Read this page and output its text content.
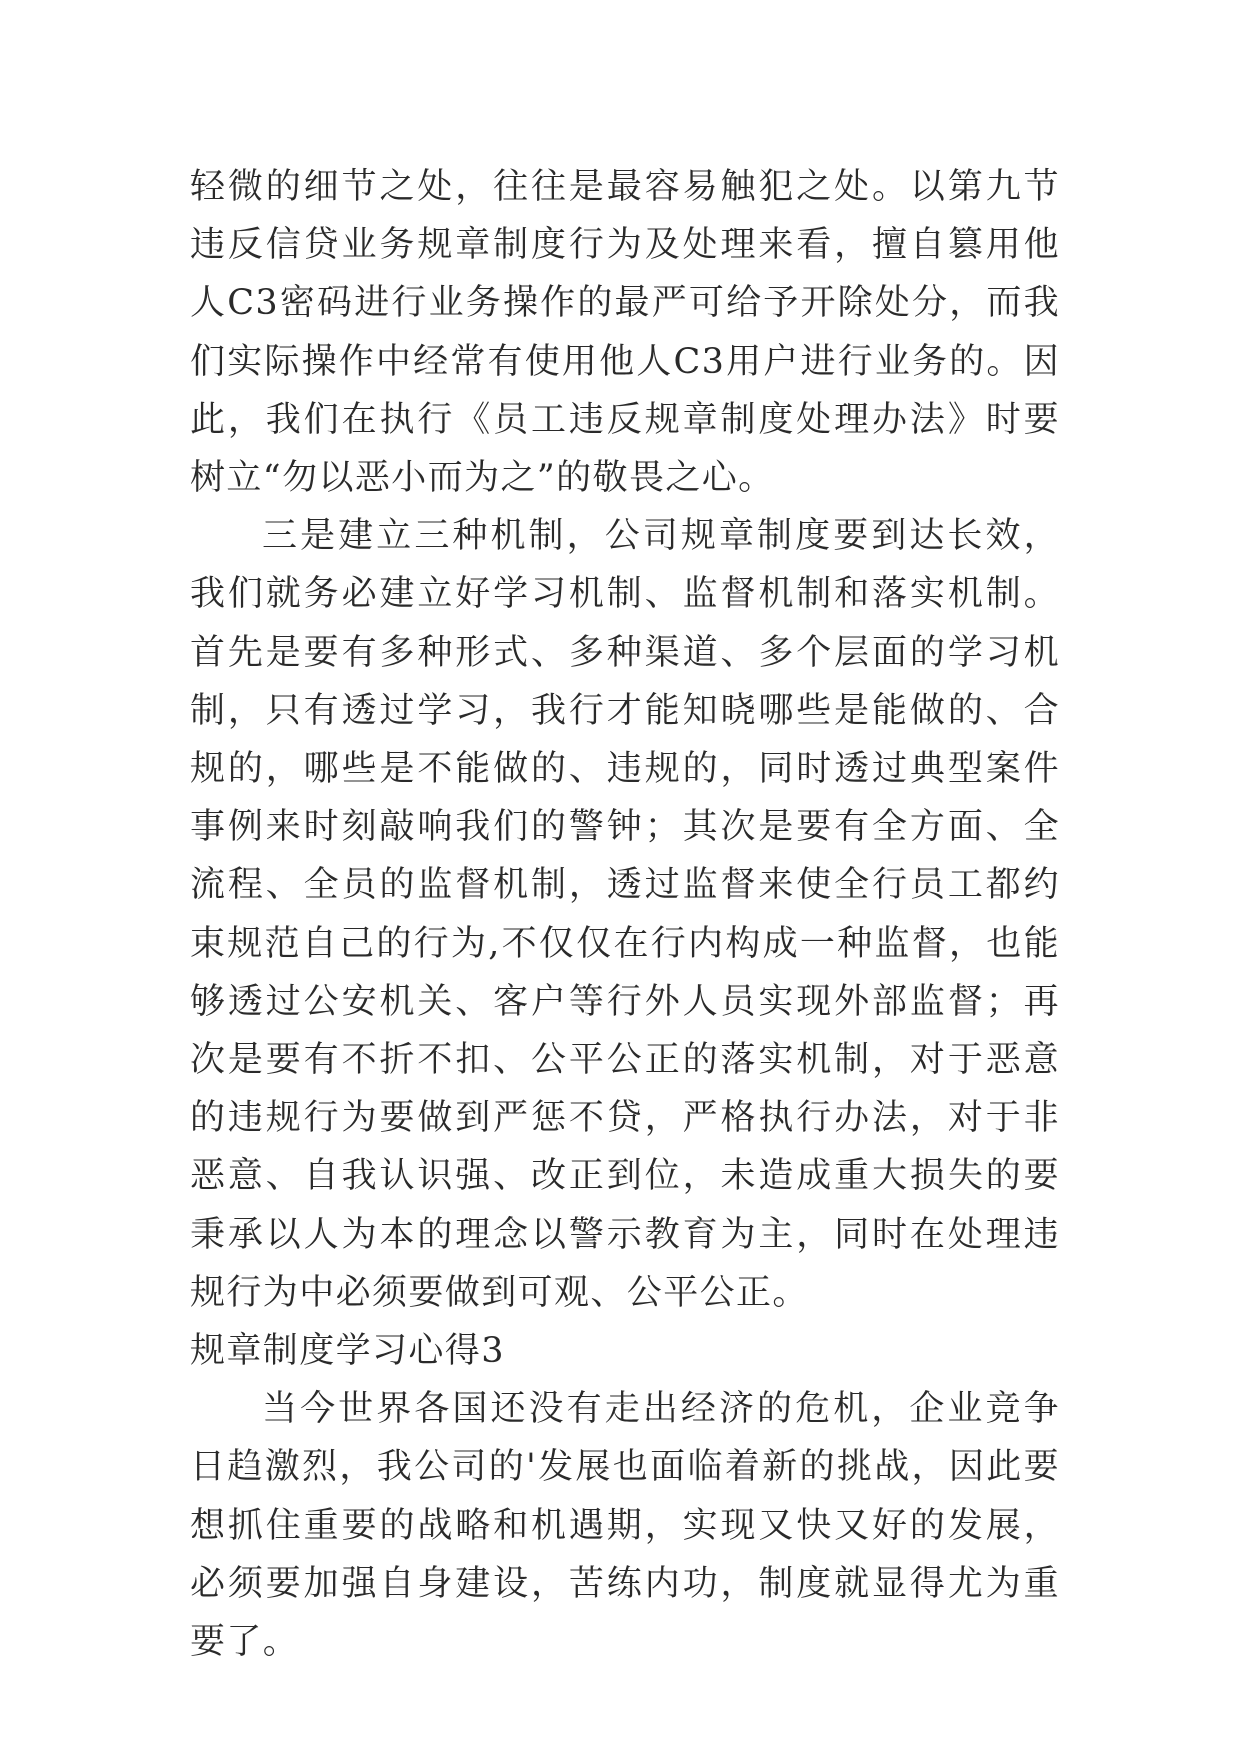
轻微的细节之处，往往是最容易触犯之处。以第九节违反信贷业务规章制度行为及处理来看，擅自篡用他人C3密码进行业务操作的最严可给予开除处分，而我们实际操作中经常有使用他人C3用户进行业务的。因此，我们在执行《员工违反规章制度处理办法》时要树立“勿以恶小而为之”的敬畏之心。

三是建立三种机制，公司规章制度要到达长效，我们就务必建立好学习机制、监督机制和落实机制。首先是要有多种形式、多种渠道、多个层面的学习机制，只有透过学习，我行才能知晓哪些是能做的、合规的，哪些是不能做的、违规的，同时透过典型案件事例来时刻敲响我们的警钟；其次是要有全方面、全流程、全员的监督机制，透过监督来使全行员工都约束规范自己的行为,不仅仅在行内构成一种监督，也能够透过公安机关、客户等行外人员实现外部监督；再次是要有不折不扣、公平公正的落实机制，对于恶意的违规行为要做到严惩不贷，严格执行办法，对于非恶意、自我认识强、改正到位，未造成重大损失的要秉承以人为本的理念以警示教育为主，同时在处理违规行为中必须要做到可观、公平公正。

规章制度学习心得3

当今世界各国还没有走出经济的危机，企业竞争日趋激烈，我公司的'发展也面临着新的挑战，因此要想抓住重要的战略和机遇期，实现又快又好的发展，必须要加强自身建设，苦练内功，制度就显得尤为重要了。
